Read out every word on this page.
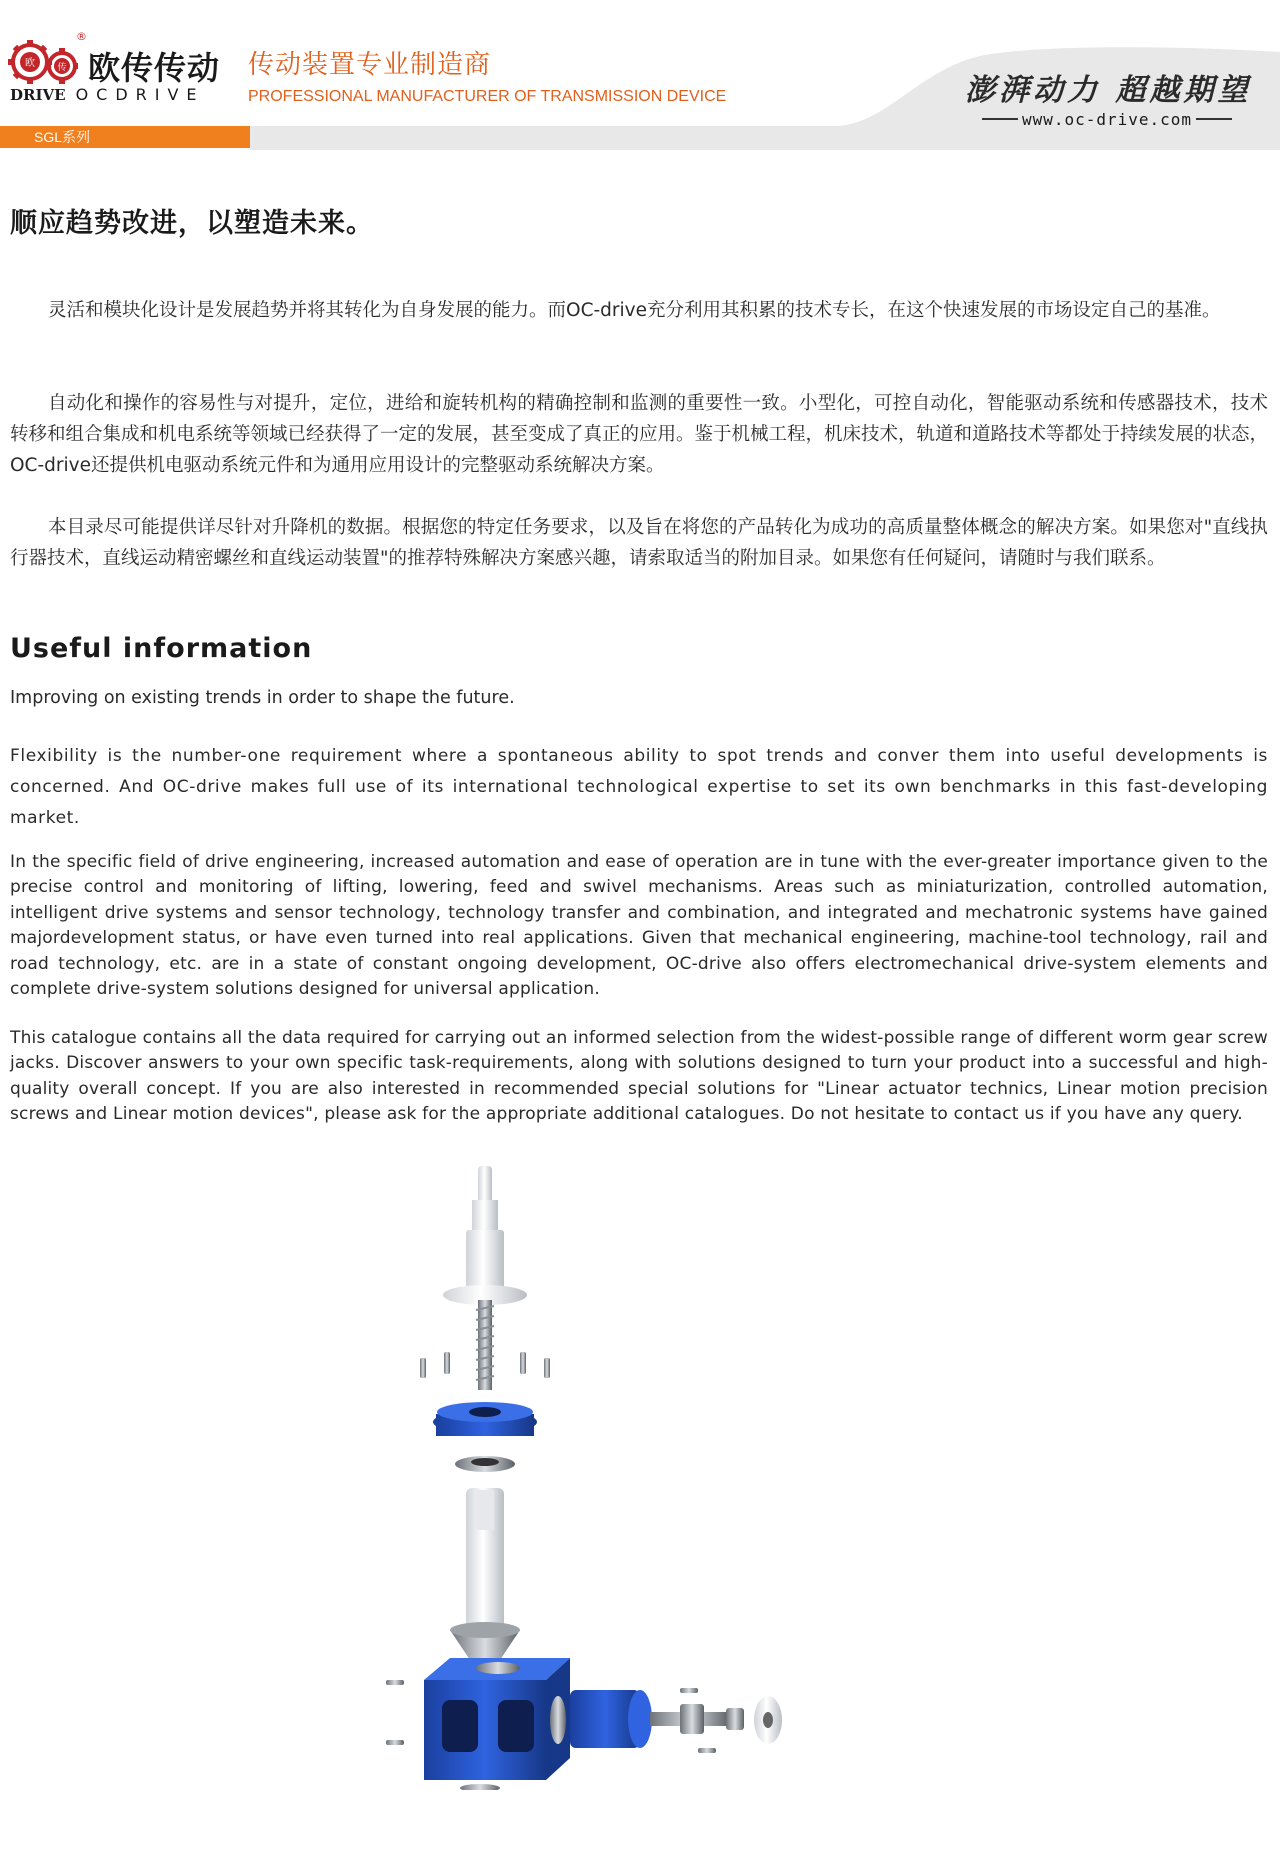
欧 传
®
欧传传动
DRIVE OCDRIVE
传动装置专业制造商
PROFESSIONAL MANUFACTURER OF TRANSMISSION DEVICE	澎湃动力 超越期望
www.oc-drive.com
SGL系列
顺应趋势改进，以塑造未来。

灵活和模块化设计是发展趋势并将其转化为自身发展的能力。而OC-drive充分利用其积累的技术专长，在这个快速发展的市场设定自己的基准。

自动化和操作的容易性与对提升，定位，进给和旋转机构的精确控制和监测的重要性一致。小型化，可控自动化，智能驱动系统和传感器技术，技术转移和组合集成和机电系统等领域已经获得了一定的发展，甚至变成了真正的应用。鉴于机械工程，机床技术，轨道和道路技术等都处于持续发展的状态，OC-drive还提供机电驱动系统元件和为通用应用设计的完整驱动系统解决方案。

本目录尽可能提供详尽针对升降机的数据。根据您的特定任务要求，以及旨在将您的产品转化为成功的高质量整体概念的解决方案。如果您对"直线执行器技术，直线运动精密螺丝和直线运动装置"的推荐特殊解决方案感兴趣，请索取适当的附加目录。如果您有任何疑问，请随时与我们联系。

Useful information
Improving on existing trends in order to shape the future.

Flexibility is the number-one requirement where a spontaneous ability to spot trends and conver them into useful developments is concerned. And OC-drive makes full use of its international technological expertise to set its own benchmarks in this fast-developing market.

In the specific field of drive engineering, increased automation and ease of operation are in tune with the ever-greater importance given to the precise control and monitoring of lifting, lowering, feed and swivel mechanisms. Areas such as miniaturization, controlled automation, intelligent drive systems and sensor technology, technology transfer and combination, and integrated and mechatronic systems have gained majordevelopment status, or have even turned into real applications. Given that mechanical engineering, machine-tool technology, rail and road technology, etc. are in a state of constant ongoing development, OC-drive also offers electromechanical drive-system elements and complete drive-system solutions designed for universal application.

This catalogue contains all the data required for carrying out an informed selection from the widest-possible range of different worm gear screw jacks. Discover answers to your own specific task-requirements, along with solutions designed to turn your product into a successful and high-quality overall concept. If you are also interested in recommended special solutions for "Linear actuator technics, Linear motion precision screws and Linear motion devices", please ask for the appropriate additional catalogues. Do not hesitate to contact us if you have any query.
